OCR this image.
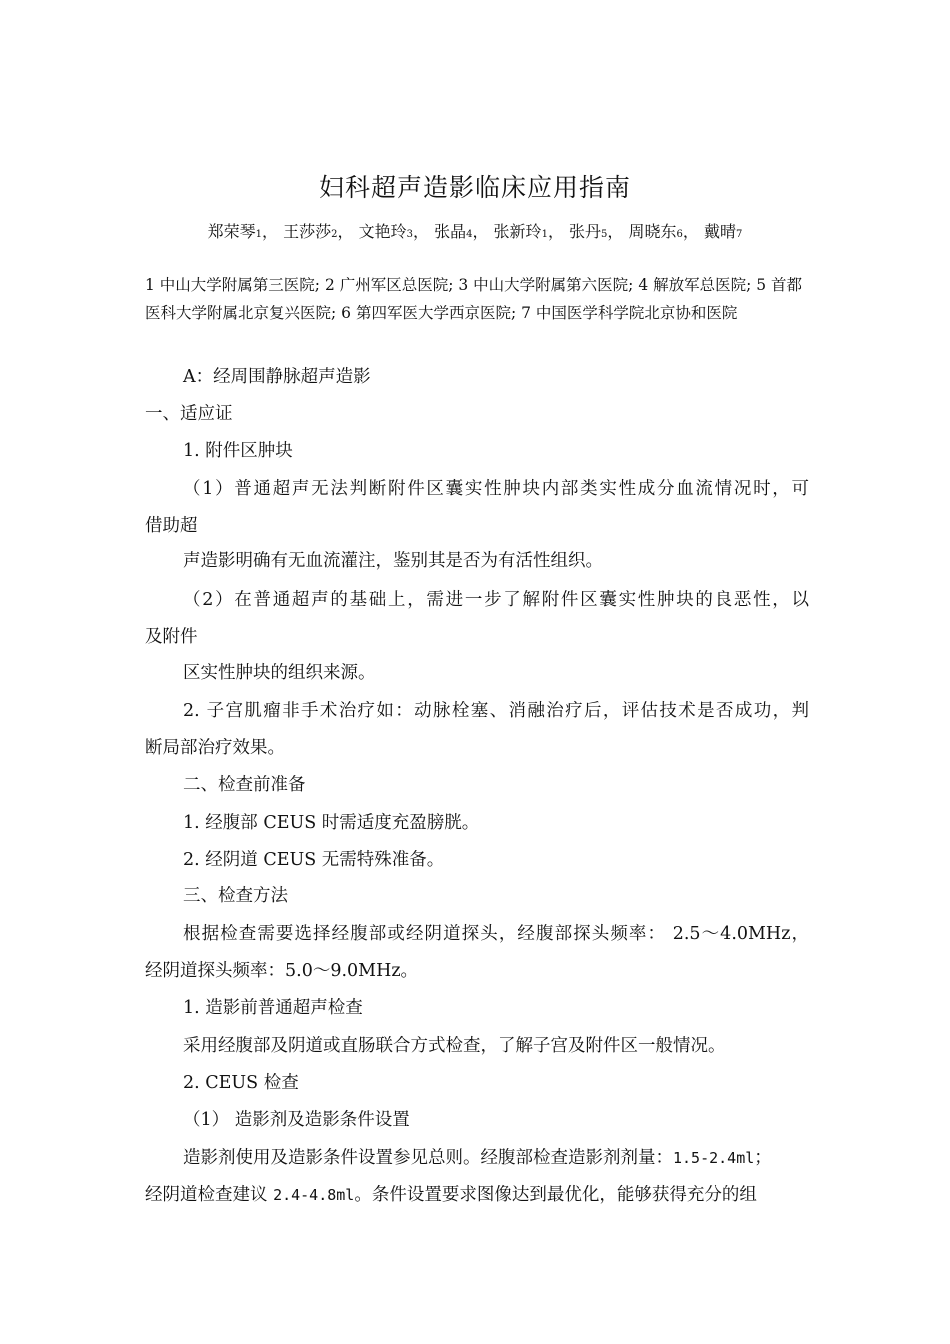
妇科超声造影临床应用指南
郑荣琴1， 王莎莎2， 文艳玲3， 张晶4， 张新玲1， 张丹5， 周晓东6， 戴晴7
1 中山大学附属第三医院; 2 广州军区总医院; 3 中山大学附属第六医院; 4 解放军总医院; 5 首都
医科大学附属北京复兴医院; 6 第四军医大学西京医院; 7 中国医学科学院北京协和医院
A：经周围静脉超声造影
一、适应证
1. 附件区肿块
（1）普通超声无法判断附件区囊实性肿块内部类实性成分血流情况时，可
借助超
声造影明确有无血流灌注，鉴别其是否为有活性组织。
（2）在普通超声的基础上，需进一步了解附件区囊实性肿块的良恶性，以
及附件
区实性肿块的组织来源。
2. 子宫肌瘤非手术治疗如：动脉栓塞、消融治疗后，评估技术是否成功，判
断局部治疗效果。
二、检查前准备
1. 经腹部 CEUS 时需适度充盈膀胱。
2. 经阴道 CEUS 无需特殊准备。
三、检查方法
根据检查需要选择经腹部或经阴道探头，经腹部探头频率： 2.5～4.0MHz，
经阴道探头频率：5.0～9.0MHz。
1. 造影前普通超声检查
采用经腹部及阴道或直肠联合方式检查，了解子宫及附件区一般情况。
2. CEUS 检查
（1） 造影剂及造影条件设置
造影剂使用及造影条件设置参见总则。经腹部检查造影剂剂量：1.5-2.4ml；
经阴道检查建议 2.4-4.8ml。条件设置要求图像达到最优化，能够获得充分的组
